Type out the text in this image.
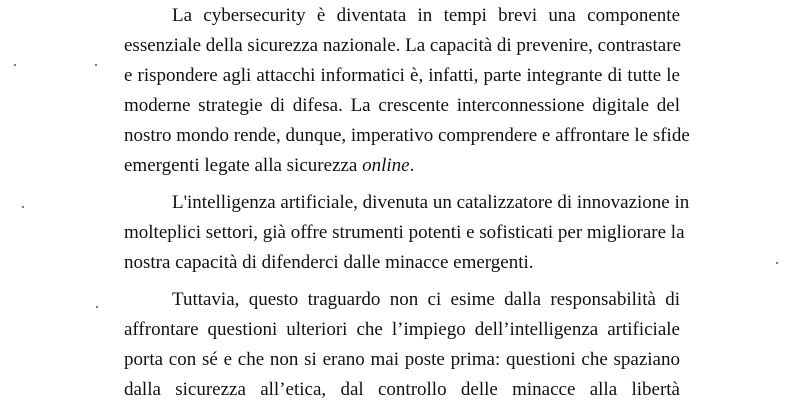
La cybersecurity è diventata in tempi brevi una componente
essenziale della sicurezza nazionale. La capacità di prevenire, contrastare
e rispondere agli attacchi informatici è, infatti, parte integrante di tutte le
moderne strategie di difesa. La crescente interconnessione digitale del
nostro mondo rende, dunque, imperativo comprendere e affrontare le sfide
emergenti legate alla sicurezza online.
L'intelligenza artificiale, divenuta un catalizzatore di innovazione in
molteplici settori, già offre strumenti potenti e sofisticati per migliorare la
nostra capacità di difenderci dalle minacce emergenti.
Tuttavia, questo traguardo non ci esime dalla responsabilità di
affrontare questioni ulteriori che l’impiego dell’intelligenza artificiale
porta con sé e che non si erano mai poste prima: questioni che spaziano
dalla sicurezza all’etica, dal controllo delle minacce alla libertà
